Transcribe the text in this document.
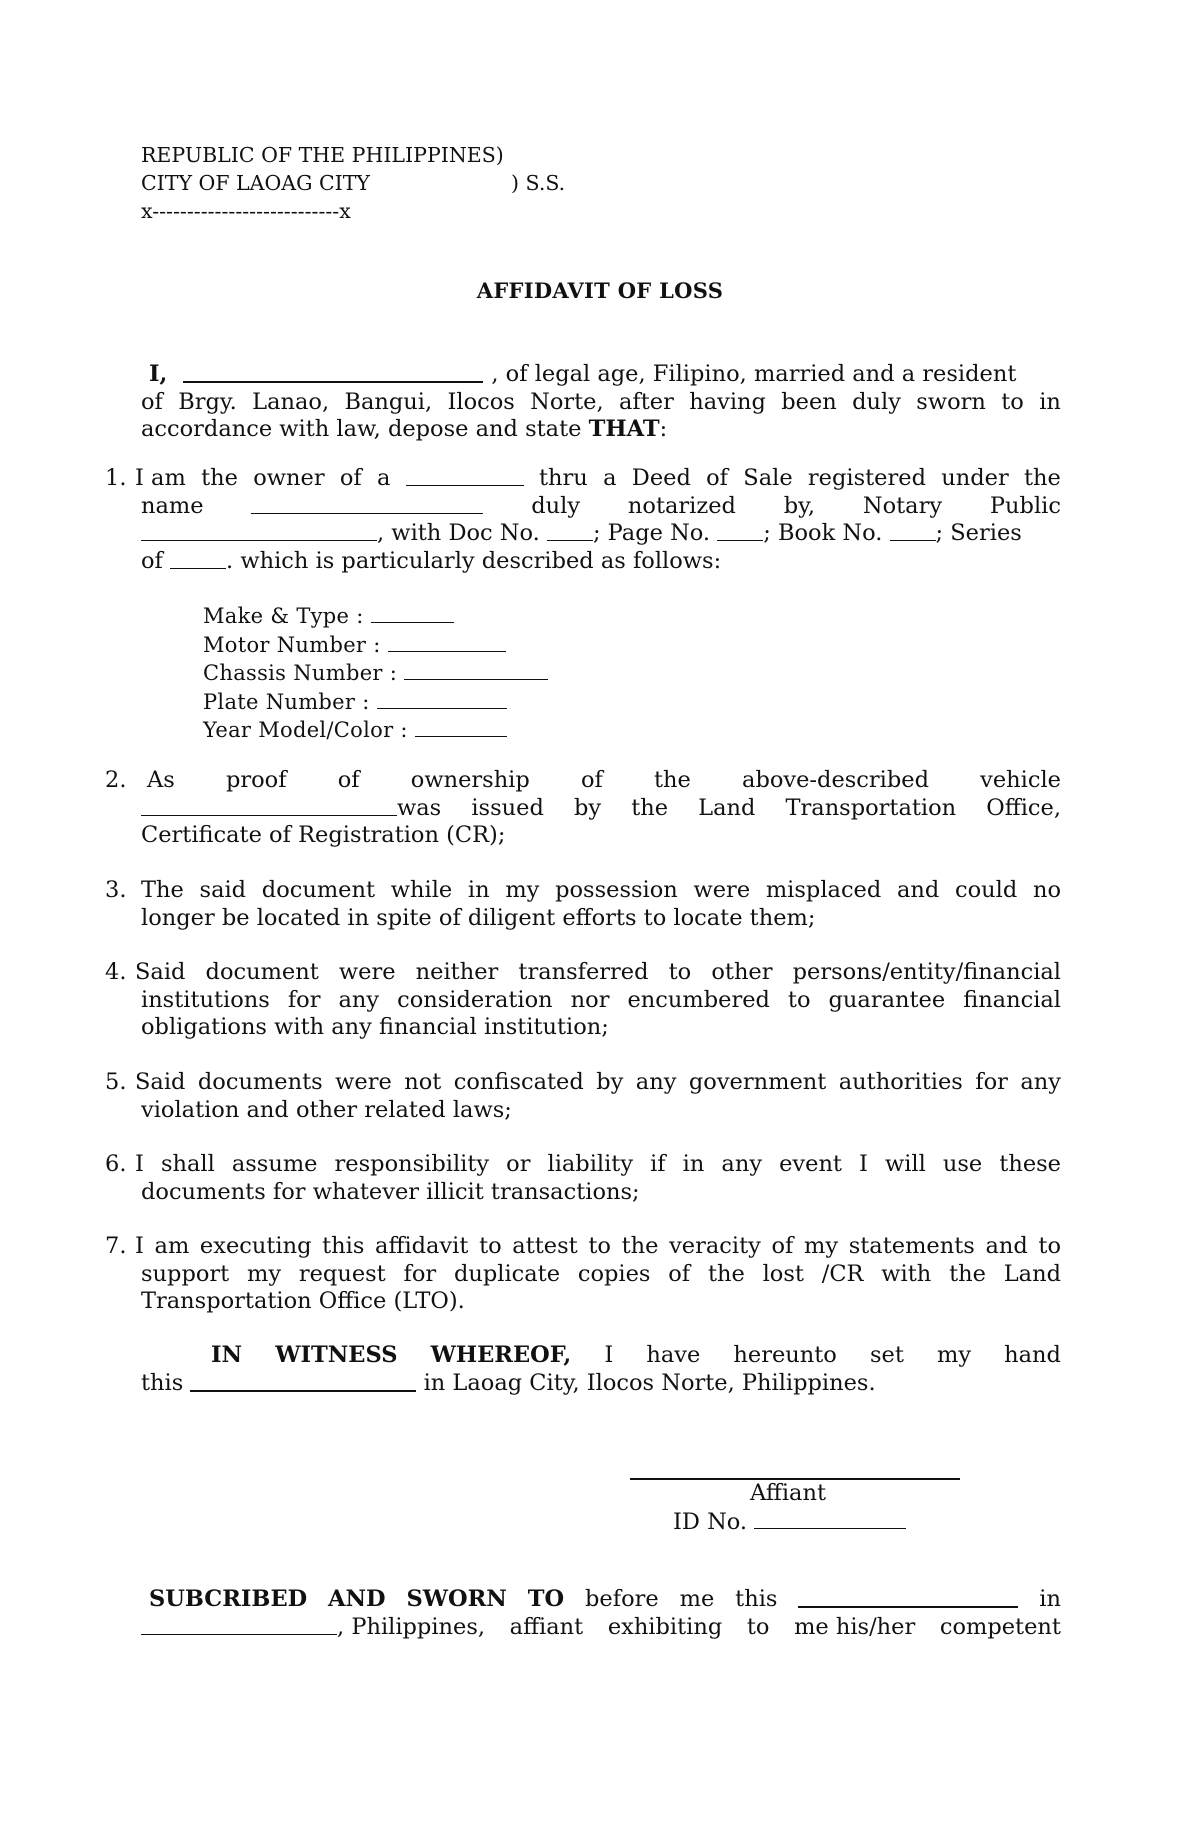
REPUBLIC OF THE PHILIPPINES)
CITY OF LAOAG CITY	) S.S.
x---------------------------x
AFFIDAVIT OF LOSS
I,	, of legal age, Filipino, married and a resident
of Brgy. Lanao, Bangui, Ilocos Norte, after having been duly sworn to in
accordance with law, depose and state THAT :
1. I am the owner of a	thru a Deed of Sale registered under the
name	duly notarized by, Notary Public
, with Doc No. ; Page No. ; Book No. ; Series
of . which is particularly described as follows:
Make & Type :
Motor Number :
Chassis Number :
Plate Number :
Year Model/Color :
2. As proof of ownership of the above-described vehicle
was issued by the Land Transportation Office,
Certificate of Registration (CR);
3. The said document while in my possession were misplaced and could no
longer be located in spite of diligent efforts to locate them;
4. Said document were neither transferred to other persons/entity/financial
institutions for any consideration nor encumbered to guarantee financial
obligations with any financial institution;
5. Said documents were not confiscated by any government authorities for any
violation and other related laws;
6. I shall assume responsibility or liability if in any event I will use these
documents for whatever illicit transactions;
7. I am executing this affidavit to attest to the veracity of my statements and to
support my request for duplicate copies of the lost /CR with the Land
Transportation Office (LTO).
IN WITNESS WHEREOF, I have hereunto set my hand
this	in Laoag City, Ilocos Norte, Philippines.
Affiant
ID No.
SUBCRIBED AND SWORN TO before me this	in
, Philippines, affiant exhibiting to me his/her competent
